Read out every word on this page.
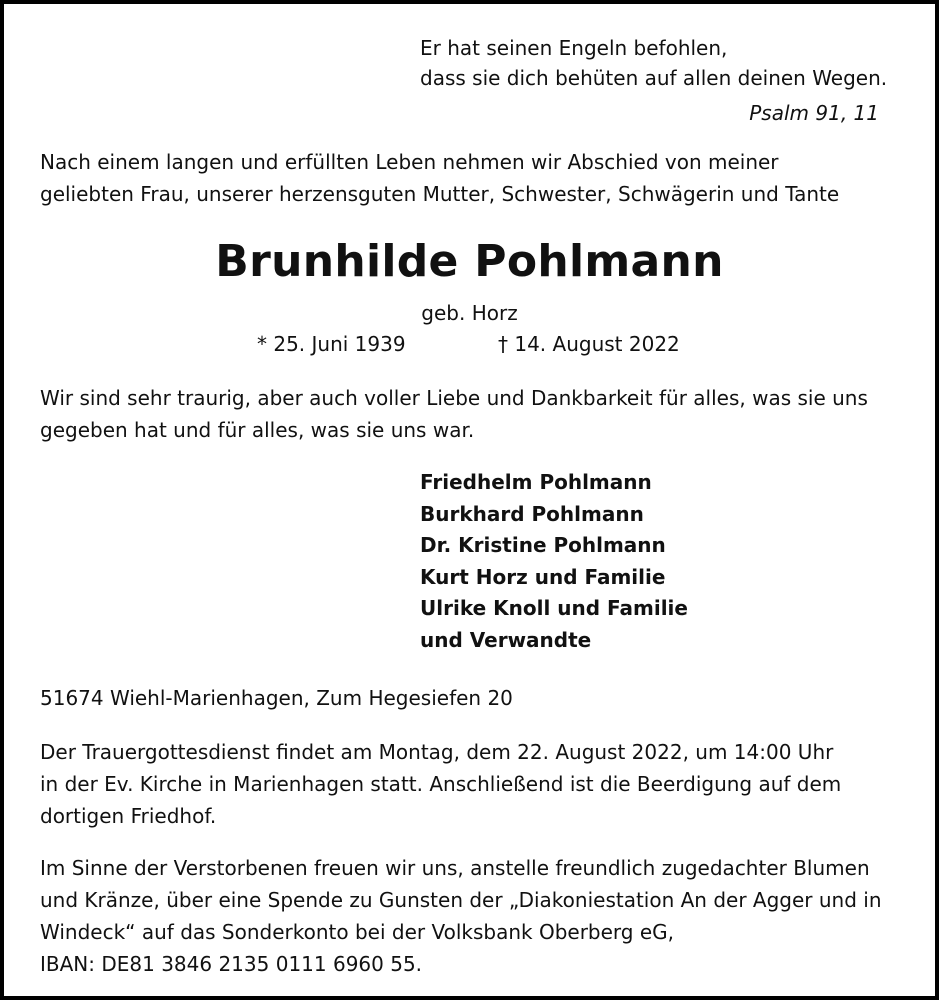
Er hat seinen Engeln befohlen,

dass sie dich behüten auf allen deinen Wegen.

Psalm 91, 11

Nach einem langen und erfüllten Leben nehmen wir Abschied von meiner
geliebten Frau, unserer herzensguten Mutter, Schwester, Schwägerin und Tante

Brunhilde Pohlmann
geb. Horz

* 25. Juni 1939	† 14. August 2022

Wir sind sehr traurig, aber auch voller Liebe und Dankbarkeit für alles, was sie uns
gegeben hat und für alles, was sie uns war.

Friedhelm Pohlmann
Burkhard Pohlmann
Dr. Kristine Pohlmann
Kurt Horz und Familie
Ulrike Knoll und Familie
und Verwandte

51674 Wiehl-Marienhagen, Zum Hegesiefen 20

Der Trauergottesdienst findet am Montag, dem 22. August 2022, um 14:00 Uhr
in der Ev. Kirche in Marienhagen statt. Anschließend ist die Beerdigung auf dem
dortigen Friedhof.

Im Sinne der Verstorbenen freuen wir uns, anstelle freundlich zugedachter Blumen
und Kränze, über eine Spende zu Gunsten der „Diakoniestation An der Agger und in
Windeck“ auf das Sonderkonto bei der Volksbank Oberberg eG,
IBAN: DE81 3846 2135 0111 6960 55.
